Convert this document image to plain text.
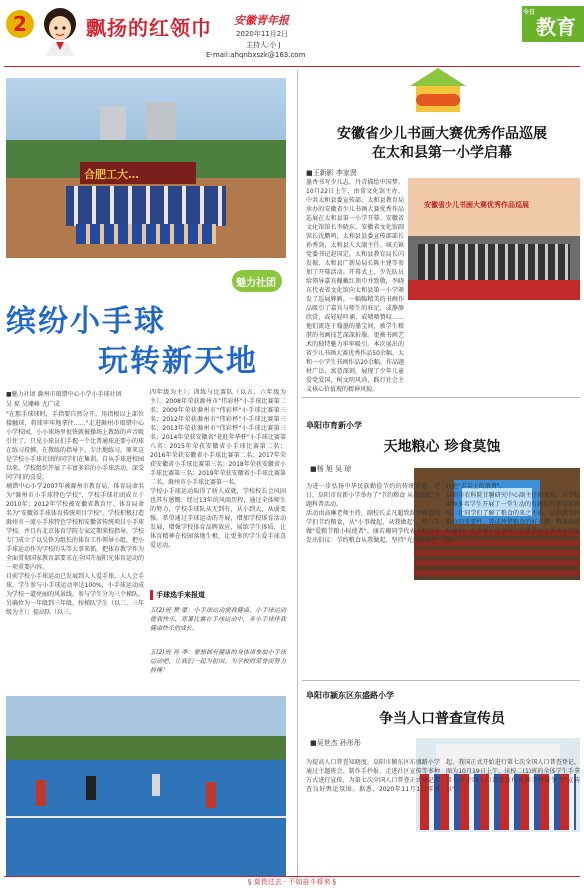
2	飘扬的红领巾 安徽青年报
2020年11月2日
主持人:小 J
E-mail:ahqnbxszk@163.com
今日
教育
合肥工大…
魅力社团
缤纷小手球
玩转新天地
■魅力社团 滁州市琅错中心小学小手球社团
吴 琼 吴珊峰 尤广成
"在那手球球时，手指要自然分开，用指根以上部位接触球，将球牢牢地拿住……"走进滁州市琅错中心小学校园，小小球场里很快就被操场上教练的声音吸引住了。只见小球员们手握一个比普通球还要小的球在练习投掷，在教练的指导下，专注地练习。原来这是学校小手球社团的同学们在集训。自从手球进校园以来，学校组织开展了丰富多彩的小手球活动，深受同学们的喜爱。
璃错中心小学2007年被滁州市教育局、体育局命名为"滁州市小手球特色学校"，学校手球社团成立于2010年；2012年学校被安徽省教育厅、体育局命名为"安徽省手球体育传统项目学校"。学校积极打造滁州市一流小手球特色学校和安徽省传统项目小手球学校，并且有北京体育学院专家定期来校指导，学校专门成立了以吴铁为组长的体育工作领导小组，把小手球运动作为学校的头等大事来抓，把体育教学作为全面贯彻国家教育部要求在全国开展阳光体育运动的一项重要内容。
目前学校小手球运动已发展到人人爱手球，人人会手球。学生参与小手球运动率达100%，小手球运动成为学校一道亮丽的风景线。参与学生分为三个梯队，另确位为一年级到三年级，按梯队学生（以二、三年级为主）；提高队（以三、
四年级为主）；训练与比赛队（以五、六年级为主）。2008年荣获滁州市"伟彩杯"小手球比赛第二名；2009年荣获滁州市"伟彩杯"小手球比赛第三名；2012年荣获滁州市"伟彩杯"小手球比赛第三名；2013年荣获滁州市"伟彩杯"小手球比赛第三名；2014年荣获安徽省"花旺年华杯"小手球比赛第八名；2015年荣获安徽省小手球比赛第二名；2016年荣获安徽省小手球比赛第二名；2017年荣获安徽省小手球比赛第三名；2018年荣获安徽省小手球比赛第三名；2019年荣获安徽省小手球比赛第二名，滁州市小手球比赛第一名。
学校小手球运动取得了骄人成就，学校校长会风固也其有感慨；经过13年的风雨历程，通过全体师生的努力，学校手球队从无到有，从小到大，从弱变强。希望通过手球运动的开展，增加学校体育活动发展，增强学校体育品牌效应，展练学生体质，让体育精神在校园落地生根，让更多的学生爱手球喜爱运动。
手球选手来报道
五(2)班 樊 豪：小手球运动使我健康，小手球运动使我快乐，寒暑比赛在手球运动中，多小手球伴我健康快乐的成长。
五(2)班 孙 季：要想拥有健康的身体请参加小手球运动吧，让我们一起为祖国，为学校的荣誉而努力拼搏！
安徽省少儿书画大赛优秀作品巡展
在太和县第一小学启幕
■王新影 李家贤
安徽省少儿书画大赛优秀作品巡展
墨香书写少儿志，丹青描绘中国梦。10月22日上午，由省文化馆主办、中共太和县委宣传部、太和县教育局承办的安徽省少儿书画大赛优秀作品巡展在太和县第一小学开幕。安徽省文化馆馆长李晓东、安徽省文化馆副馆长沈鹏鸣，太和县县委宣传部部长孙秀剑，太和县人大副主任、城关镇党委书记赵国定，太和县教育局长闪发振，太和县广新局局长陈主建等参加了开幕活动。开幕式上，少先队员给领导嘉宾佩戴红领巾并致敬，李晓东代表省文化馆向太和县第一小学颁发了巡展牌匾。一幅幅精美的书画作品吸引了嘉宾与师生的驻足，或静静欣赏，或轻轻吟诵，或啧啧赞叹……他们流连于翰墨的墨宝间，被学生精湛的书画技艺深深折服。更被书画艺术的独特魅力牢牢吸引。本次展出的省少儿书画大赛优秀作品50余幅，太和一小学生书画作品20余幅。作品题材广泛，寓意深刻，展现了少年儿童爱党爱国，树文明风尚，践行社会主义核心价值观的精神风貌。
阜阳市育新小学
天地粮心 珍食莫蚀
■杨 旭 吴 琼
为进一步弘扬中华民族勤俭节约的传统美德，近日，阜阳市育新小学举办了"节约粮食 从我做起"主题科普活动。
活动由高琳老师主持，副校长孟凡超致辞并希望同学们节约粮食，从"小事做起，从我做起"，努力争做"爱粮节粮小标使者"。康若珊同学代表全校学生发出倡议：节约粮食从我做起，坚持"光盘行动"，杜绝"舌尖上的浪费"。
阜阳市农科院甘馨研究中心副主任初来所，为学校400多名学生开展了一堂生动的有趣的科普知识讲座，让同学们了解了粮食的来之不易，认识到节约粮食的重要性，养成珍惜粮食的好习惯，科普讲座结束后，在育新小学食堂门口还举行了签名承诺活动。
阜阳市颍东区东盛路小学
争当人口普查宣传员
■吴世杰 孙彤彤
为提高人口普查知晓度，阜阳市颍东区东盛路小学通过主题班会、制作手抄报、走进社区宣传等多种方式进行宣传，为第七次全国人口普查正式登记普查良好舆论氛围。据悉，2020年11月1日零时起，我国正式开始进行第七次全国人口普查登记，图为10月19日上午，该校二(1)班的全体学生手拿第七次全国人口普查宣传页和手抄报争当"宣传员"。
§ 莫畏过去 · 不如奋斗将来 §
